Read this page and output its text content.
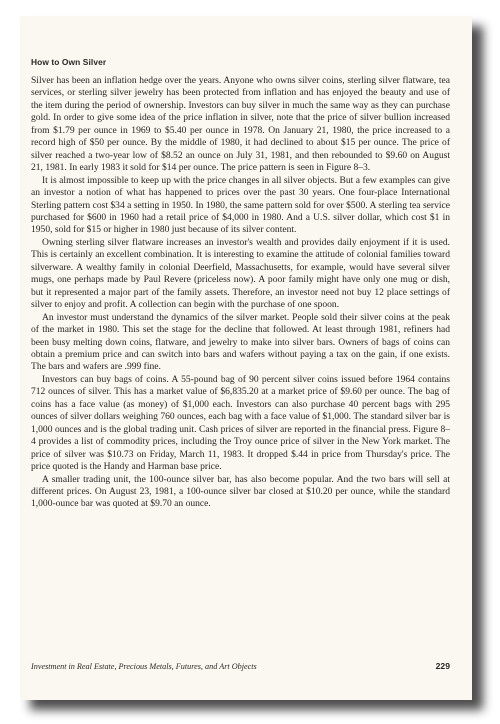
How to Own Silver

Silver has been an inflation hedge over the years. Anyone who owns silver coins, sterling silver flatware, tea services, or sterling silver jewelry has been protected from inflation and has enjoyed the beauty and use of the item during the period of ownership. Investors can buy silver in much the same way as they can purchase gold. In order to give some idea of the price inflation in silver, note that the price of silver bullion increased from $1.79 per ounce in 1969 to $5.40 per ounce in 1978. On January 21, 1980, the price increased to a record high of $50 per ounce. By the middle of 1980, it had declined to about $15 per ounce. The price of silver reached a two-year low of $8.52 an ounce on July 31, 1981, and then rebounded to $9.60 on August 21, 1981. In early 1983 it sold for $14 per ounce. The price pattern is seen in Figure 8–3.

It is almost impossible to keep up with the price changes in all silver objects. But a few examples can give an investor a notion of what has happened to prices over the past 30 years. One four-place International Sterling pattern cost $34 a setting in 1950. In 1980, the same pattern sold for over $500. A sterling tea service purchased for $600 in 1960 had a retail price of $4,000 in 1980. And a U.S. silver dollar, which cost $1 in 1950, sold for $15 or higher in 1980 just because of its silver content.

Owning sterling silver flatware increases an investor's wealth and provides daily enjoyment if it is used. This is certainly an excellent combination. It is interesting to examine the attitude of colonial families toward silverware. A wealthy family in colonial Deerfield, Massachusetts, for example, would have several silver mugs, one perhaps made by Paul Revere (priceless now). A poor family might have only one mug or dish, but it represented a major part of the family assets. Therefore, an investor need not buy 12 place settings of silver to enjoy and profit. A collection can begin with the purchase of one spoon.

An investor must understand the dynamics of the silver market. People sold their silver coins at the peak of the market in 1980. This set the stage for the decline that followed. At least through 1981, refiners had been busy melting down coins, flatware, and jewelry to make into silver bars. Owners of bags of coins can obtain a premium price and can switch into bars and wafers without paying a tax on the gain, if one exists. The bars and wafers are .999 fine.

Investors can buy bags of coins. A 55-pound bag of 90 percent silver coins issued before 1964 contains 712 ounces of silver. This has a market value of $6,835.20 at a market price of $9.60 per ounce. The bag of coins has a face value (as money) of $1,000 each. Investors can also purchase 40 percent bags with 295 ounces of silver dollars weighing 760 ounces, each bag with a face value of $1,000. The standard silver bar is 1,000 ounces and is the global trading unit. Cash prices of silver are reported in the financial press. Figure 8–4 provides a list of commodity prices, including the Troy ounce price of silver in the New York market. The price of silver was $10.73 on Friday, March 11, 1983. It dropped $.44 in price from Thursday's price. The price quoted is the Handy and Harman base price.

A smaller trading unit, the 100-ounce silver bar, has also become popular. And the two bars will sell at different prices. On August 23, 1981, a 100-ounce silver bar closed at $10.20 per ounce, while the standard 1,000-ounce bar was quoted at $9.70 an ounce.

Investment in Real Estate, Precious Metals, Futures, and Art Objects	229
